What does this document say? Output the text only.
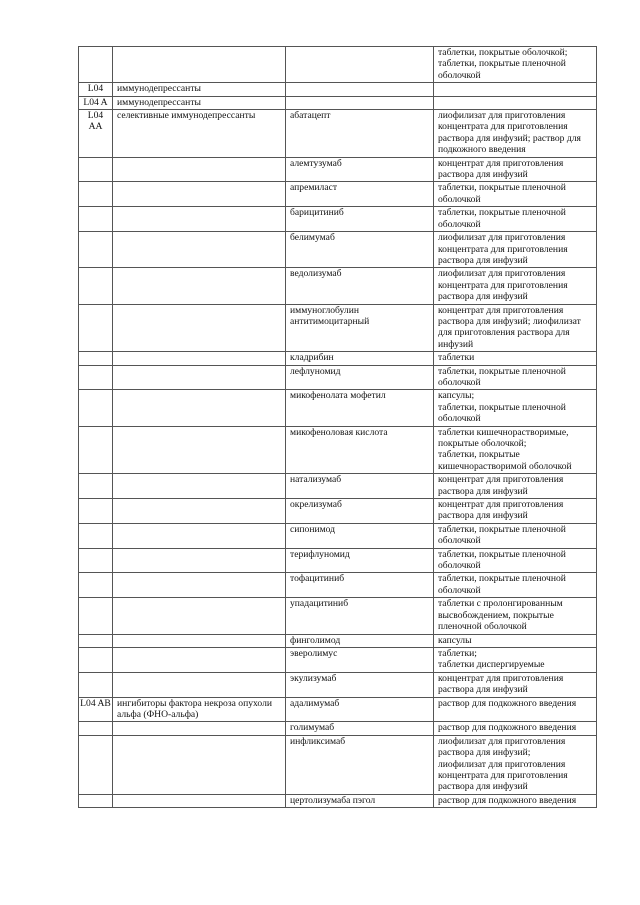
			таблетки, покрытые оболочкой;
таблетки, покрытые пленочной оболочкой
L04	иммунодепрессанты		
L04 A	иммунодепрессанты		
L04 AA	селективные иммунодепрессанты	абатацепт	лиофилизат для приготовления концентрата для приготовления раствора для инфузий; раствор для подкожного введения
		алемтузумаб	концентрат для приготовления раствора для инфузий
		апремиласт	таблетки, покрытые пленочной оболочкой
		барицитиниб	таблетки, покрытые пленочной оболочкой
		белимумаб	лиофилизат для приготовления концентрата для приготовления раствора для инфузий
		ведолизумаб	лиофилизат для приготовления концентрата для приготовления раствора для инфузий
		иммуноглобулин антитимоцитарный	концентрат для приготовления раствора для инфузий; лиофилизат для приготовления раствора для инфузий
		кладрибин	таблетки
		лефлуномид	таблетки, покрытые пленочной оболочкой
		микофенолата мофетил	капсулы;
таблетки, покрытые пленочной оболочкой
		микофеноловая кислота	таблетки кишечнорастворимые, покрытые оболочкой;
таблетки, покрытые кишечнорастворимой оболочкой
		натализумаб	концентрат для приготовления раствора для инфузий
		окрелизумаб	концентрат для приготовления раствора для инфузий
		сипонимод	таблетки, покрытые пленочной оболочкой
		терифлуномид	таблетки, покрытые пленочной оболочкой
		тофацитиниб	таблетки, покрытые пленочной оболочкой
		упадацитиниб	таблетки с пролонгированным высвобождением, покрытые пленочной оболочкой
		финголимод	капсулы
		эверолимус	таблетки;
таблетки диспергируемые
		экулизумаб	концентрат для приготовления раствора для инфузий
L04 AB	ингибиторы фактора некроза опухоли альфа (ФНО-альфа)	адалимумаб	раствор для подкожного введения
		голимумаб	раствор для подкожного введения
		инфликсимаб	лиофилизат для приготовления раствора для инфузий;
лиофилизат для приготовления концентрата для приготовления раствора для инфузий
		цертолизумаба пэгол	раствор для подкожного введения
